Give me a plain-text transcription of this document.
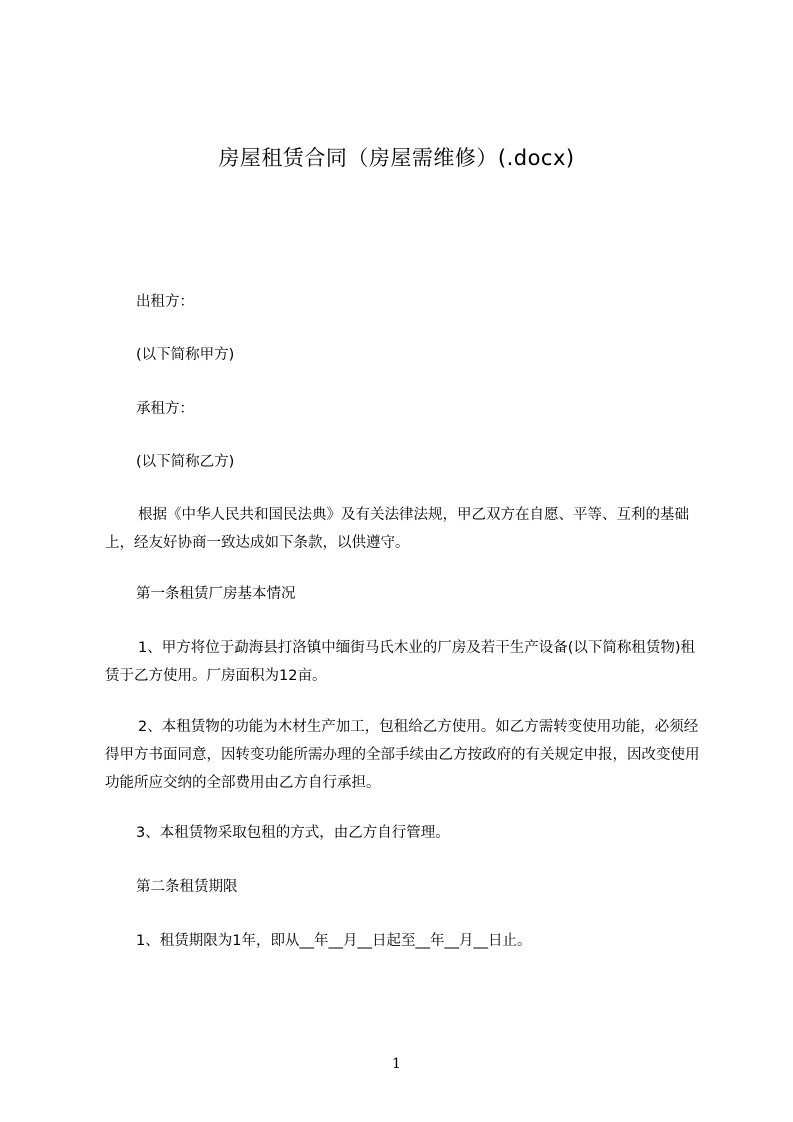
房屋租赁合同（房屋需维修）(.docx)

出租方：

(以下简称甲方)

承租方：

(以下简称乙方)

根据《中华人民共和国民法典》及有关法律法规，甲乙双方在自愿、平等、互利的基础上，经友好协商一致达成如下条款，以供遵守。

第一条租赁厂房基本情况

1、甲方将位于勐海县打洛镇中缅街马氏木业的厂房及若干生产设备(以下简称租赁物)租赁于乙方使用。厂房面积为12亩。

2、本租赁物的功能为木材生产加工，包租给乙方使用。如乙方需转变使用功能，必须经得甲方书面同意，因转变功能所需办理的全部手续由乙方按政府的有关规定申报，因改变使用功能所应交纳的全部费用由乙方自行承担。

3、本租赁物采取包租的方式，由乙方自行管理。

第二条租赁期限

1、租赁期限为1年，即从__年__月__日起至__年__月__日止。

1
